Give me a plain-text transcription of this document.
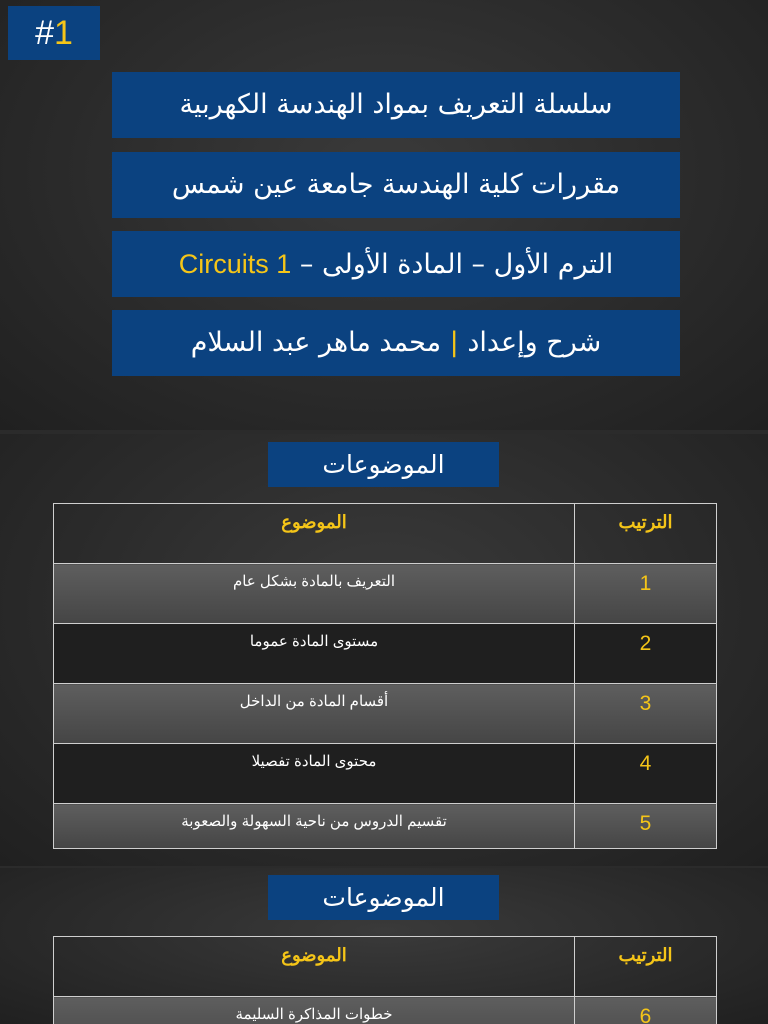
#1
سلسلة التعريف بمواد الهندسة الكهربية
مقررات كلية الهندسة جامعة عين شمس
الترم الأول – المادة الأولى – Circuits 1
شرح وإعداد | محمد ماهر عبد السلام
الموضوعات
الترتيب	الموضوع
1	التعريف بالمادة بشكل عام
2	مستوى المادة عموما
3	أقسام المادة من الداخل
4	محتوى المادة تفصيلا
5	تقسيم الدروس من ناحية السهولة والصعوبة
الموضوعات
الترتيب	الموضوع
6	خطوات المذاكرة السليمة
